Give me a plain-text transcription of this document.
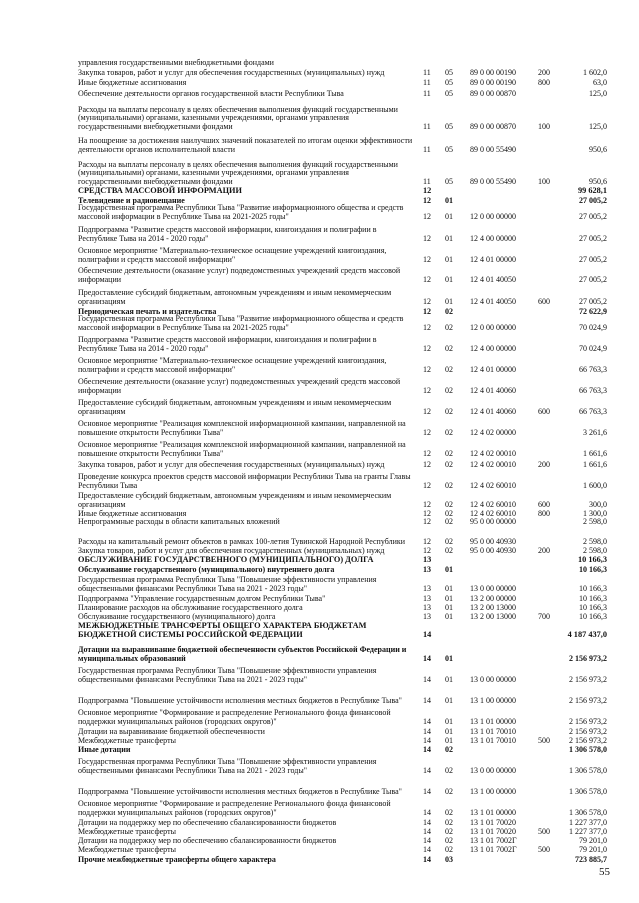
управления государственными внебюджетными фондами
Закупка товаров, работ и услуг для обеспечения государственных (муниципальных) нужд	11	05	89 0 00 00190	200	1 602,0
Иные бюджетные ассигнования	11	05	89 0 00 00190	800	63,0
Обеспечение деятельности органов государственной власти Республики Тыва	11	05	89 0 00 00870	125,0
Расходы на выплаты персоналу в целях обеспечения выполнения функций государственными (муниципальными) органами, казенными учреждениями, органами управления государственными внебюджетными фондами	11	05	89 0 00 00870	100	125,0
На поощрение за достижения наилучших значений показателей по итогам оценки эффективности деятельности органов исполнительной власти	11	05	89 0 00 55490	950,6
Расходы на выплаты персоналу в целях обеспечения выполнения функций государственными (муниципальными) органами, казенными учреждениями, органами управления государственными внебюджетными фондами	11	05	89 0 00 55490	100	950,6
СРЕДСТВА МАССОВОЙ ИНФОРМАЦИИ	12	99 628,1
Телевидение и радиовещание	12	01	27 005,2
Государственная программа Республики Тыва "Развитие информационного общества и средств массовой информации в Республике Тыва на 2021-2025 годы"	12	01	12 0 00 00000	27 005,2
Подпрограмма "Развитие средств массовой информации, книгоиздания и полиграфии в Республике Тыва на 2014 - 2020 годы"	12	01	12 4 00 00000	27 005,2
Основное мероприятие "Материально-техническое оснащение учреждений книгоиздания, полиграфии и средств массовой информации"	12	01	12 4 01 00000	27 005,2
Обеспечение деятельности (оказание услуг) подведомственных учреждений средств массовой информации	12	01	12 4 01 40050	27 005,2
Предоставление субсидий бюджетным, автономным учреждениям и иным некоммерческим организациям	12	01	12 4 01 40050	600	27 005,2
Периодическая печать и издательства	12	02	72 622,9
Государственная программа Республики Тыва "Развитие информационного общества и средств массовой информации в Республике Тыва на 2021-2025 годы"	12	02	12 0 00 00000	70 024,9
Подпрограмма "Развитие средств массовой информации, книгоиздания и полиграфии в Республике Тыва на 2014 - 2020 годы"	12	02	12 4 00 00000	70 024,9
Основное мероприятие "Материально-техническое оснащение учреждений книгоиздания, полиграфии и средств массовой информации"	12	02	12 4 01 00000	66 763,3
Обеспечение деятельности (оказание услуг) подведомственных учреждений средств массовой информации	12	02	12 4 01 40060	66 763,3
Предоставление субсидий бюджетным, автономным учреждениям и иным некоммерческим организациям	12	02	12 4 01 40060	600	66 763,3
Основное мероприятие "Реализация комплексной информационной кампании, направленной на повышение открытости Республики Тыва"	12	02	12 4 02 00000	3 261,6
Основное мероприятие "Реализация комплексной информационной кампании, направленной на повышение открытости Республики Тыва"	12	02	12 4 02 00010	1 661,6
Закупка товаров, работ и услуг для обеспечения государственных (муниципальных) нужд	12	02	12 4 02 00010	200	1 661,6
Проведение конкурса проектов средств массовой информации Республики Тыва на гранты Главы Республики Тыва	12	02	12 4 02 60010	1 600,0
Предоставление субсидий бюджетным, автономным учреждениям и иным некоммерческим организациям	12	02	12 4 02 60010	600	300,0
Иные бюджетные ассигнования	12	02	12 4 02 60010	800	1 300,0
Непрограммные расходы в области капитальных вложений	12	02	95 0 00 00000	2 598,0
Расходы на капитальный ремонт объектов в рамках 100-летия Тувинской Народной Республики	12	02	95 0 00 40930	2 598,0
Закупка товаров, работ и услуг для обеспечения государственных (муниципальных) нужд	12	02	95 0 00 40930	200	2 598,0
ОБСЛУЖИВАНИЕ ГОСУДАРСТВЕННОГО (МУНИЦИПАЛЬНОГО) ДОЛГА	13	10 166,3
Обслуживание государственного (муниципального) внутреннего долга	13	01	10 166,3
Государственная программа Республики Тыва "Повышение эффективности управления общественными финансами Республики Тыва на 2021 - 2023 годы"	13	01	13 0 00 00000	10 166,3
Подпрограмма "Управление государственным долгом Республики Тыва"	13	01	13 2 00 00000	10 166,3
Планирование расходов на обслуживание государственного долга	13	01	13 2 00 13000	10 166,3
Обслуживание государственного (муниципального) долга	13	01	13 2 00 13000	700	10 166,3
МЕЖБЮДЖЕТНЫЕ ТРАНСФЕРТЫ ОБЩЕГО ХАРАКТЕРА БЮДЖЕТАМ БЮДЖЕТНОЙ СИСТЕМЫ РОССИЙСКОЙ ФЕДЕРАЦИИ	14	4 187 437,0
Дотации на выравнивание бюджетной обеспеченности субъектов Российской Федерации и муниципальных образований	14	01	2 156 973,2
Государственная программа Республики Тыва "Повышение эффективности управления общественными финансами Республики Тыва на 2021 - 2023 годы"	14	01	13 0 00 00000	2 156 973,2
Подпрограмма "Повышение устойчивости исполнения местных бюджетов в Республике Тыва"	14	01	13 1 00 00000	2 156 973,2
Основное мероприятие "Формирование и распределение Регионального фонда финансовой поддержки муниципальных районов (городских округов)"	14	01	13 1 01 00000	2 156 973,2
Дотации на выравнивание бюджетной обеспеченности	14	01	13 1 01 70010	2 156 973,2
Межбюджетные трансферты	14	01	13 1 01 70010	500	2 156 973,2
Иные дотации	14	02	1 306 578,0
Государственная программа Республики Тыва "Повышение эффективности управления общественными финансами Республики Тыва на 2021 - 2023 годы"	14	02	13 0 00 00000	1 306 578,0
Подпрограмма "Повышение устойчивости исполнения местных бюджетов в Республике Тыва"	14	02	13 1 00 00000	1 306 578,0
Основное мероприятие "Формирование и распределение Регионального фонда финансовой поддержки муниципальных районов (городских округов)"	14	02	13 1 01 00000	1 306 578,0
Дотации на поддержку мер по обеспечению сбалансированности бюджетов	14	02	13 1 01 70020	1 227 377,0
Межбюджетные трансферты	14	02	13 1 01 70020	500	1 227 377,0
Дотации на поддержку мер по обеспечению сбалансированности бюджетов	14	02	13 1 01 7002Г	79 201,0
Межбюджетные трансферты	14	02	13 1 01 7002Г	500	79 201,0
Прочие межбюджетные трансферты общего характера	14	03	723 885,7
55
